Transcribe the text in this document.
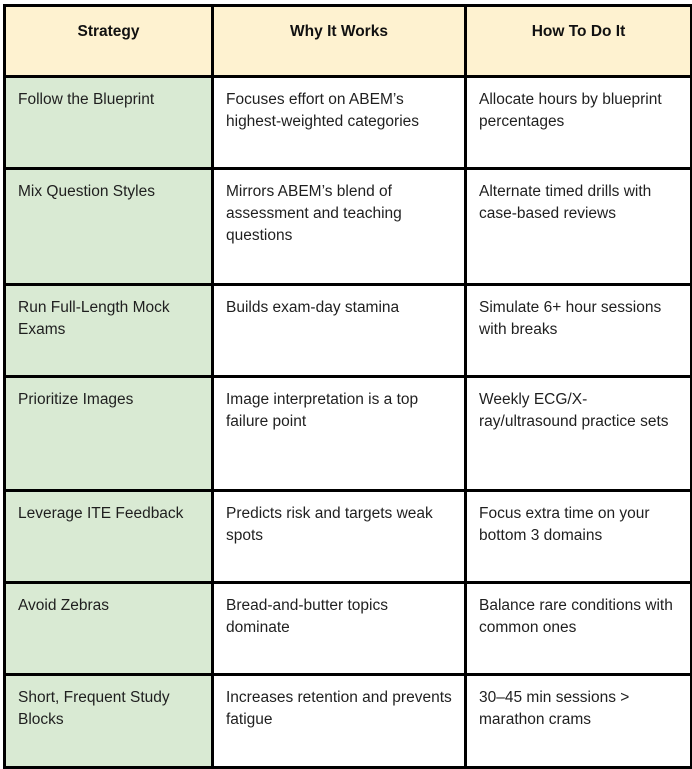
Strategy	Why It Works	How To Do It
Follow the Blueprint	Focuses effort on ABEM’s highest-weighted categories	Allocate hours by blueprint percentages
Mix Question Styles	Mirrors ABEM’s blend of assessment and teaching questions	Alternate timed drills with case-based reviews
Run Full-Length Mock Exams	Builds exam-day stamina	Simulate 6+ hour sessions with breaks
Prioritize Images	Image interpretation is a top failure point	Weekly ECG/X-ray/ultrasound practice sets
Leverage ITE Feedback	Predicts risk and targets weak spots	Focus extra time on your bottom 3 domains
Avoid Zebras	Bread-and-butter topics dominate	Balance rare conditions with common ones
Short, Frequent Study Blocks	Increases retention and prevents fatigue	30–45 min sessions > marathon crams
